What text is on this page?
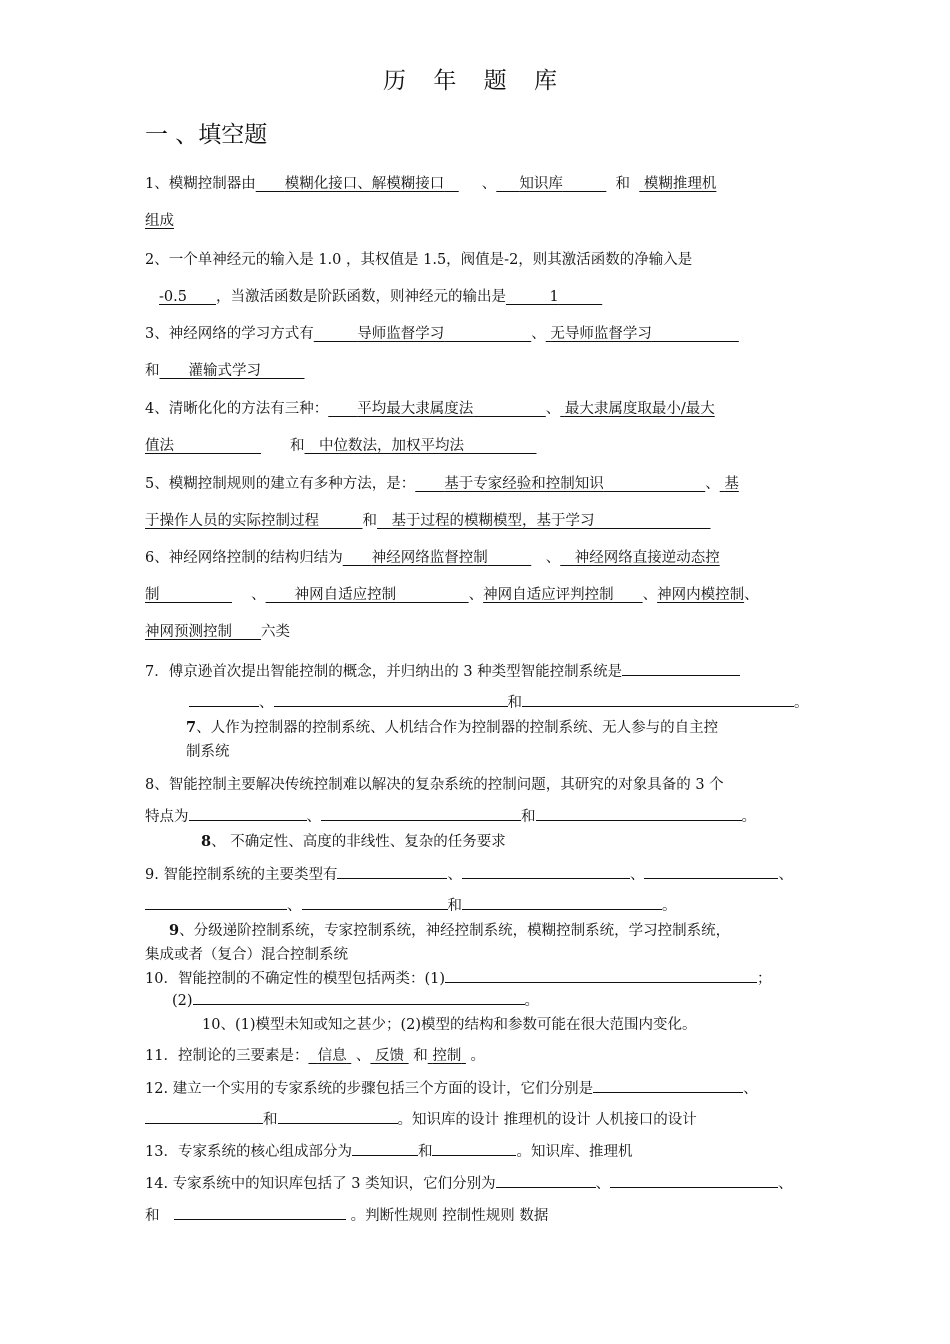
历 年 题 库
一 、填空题
1、模糊控制器由   模糊化接口、解模糊接口 	、 知识库   	和 模糊推理机
组成
2、一个单神经元的输入是 1.0 ，其权值是 1.5，阀值是-2，则其激活函数的净输入是
-0.5   ，当激活函数是阶跃函数，则神经元的输出是   	1   
3、神经网络的学习方式有   	导师监督学习      	、 无导师监督学习      
和   灌输式学习   
4、清晰化化的方法有三种：   平均最大隶属度法     	、 最大隶属度取最小/最大
值法        	和  中位数法，加权平均法     
5、模糊控制规则的建立有多种方法，是：   基于专家经验和控制知识       	、 基
于操作人员的实际控制过程   	和  基于过程的模糊模型，基于学习        
6、神经网络控制的结构归结为   神经网络监督控制    	、  神经网络直接逆动态控
制      	、   神网自适应控制     	、神网自适应评判控制   、神网内模控制、
神网预测控制   六类
7．傅京逊首次提出智能控制的概念，并归纳出的 3 种类型智能控制系统是
、	和	。
7、人作为控制器的控制系统、人机结合作为控制器的控制系统、无人参与的自主控
制系统
8、智能控制主要解决传统控制难以解决的复杂系统的控制问题，其研究的对象具备的 3 个
特点为	、	和	。
8、 不确定性、高度的非线性、复杂的任务要求
9. 智能控制系统的主要类型有	、	、	、
、	和	。
9、分级递阶控制系统，专家控制系统，神经控制系统，模糊控制系统，学习控制系统，
集成或者（复合）混合控制系统
10．智能控制的不确定性的模型包括两类：(1)	；
(2)	。
10、(1)模型未知或知之甚少；(2)模型的结构和参数可能在很大范围内变化。
11．控制论的三要素是： 信息 、 反馈 和 控制 。
12. 建立一个实用的专家系统的步骤包括三个方面的设计，它们分别是	、
和	。知识库的设计 推理机的设计 人机接口的设计
13．专家系统的核心组成部分为	和	。知识库、推理机
14. 专家系统中的知识库包括了 3 类知识，它们分别为	、	、
和 	。判断性规则 控制性规则 数据
